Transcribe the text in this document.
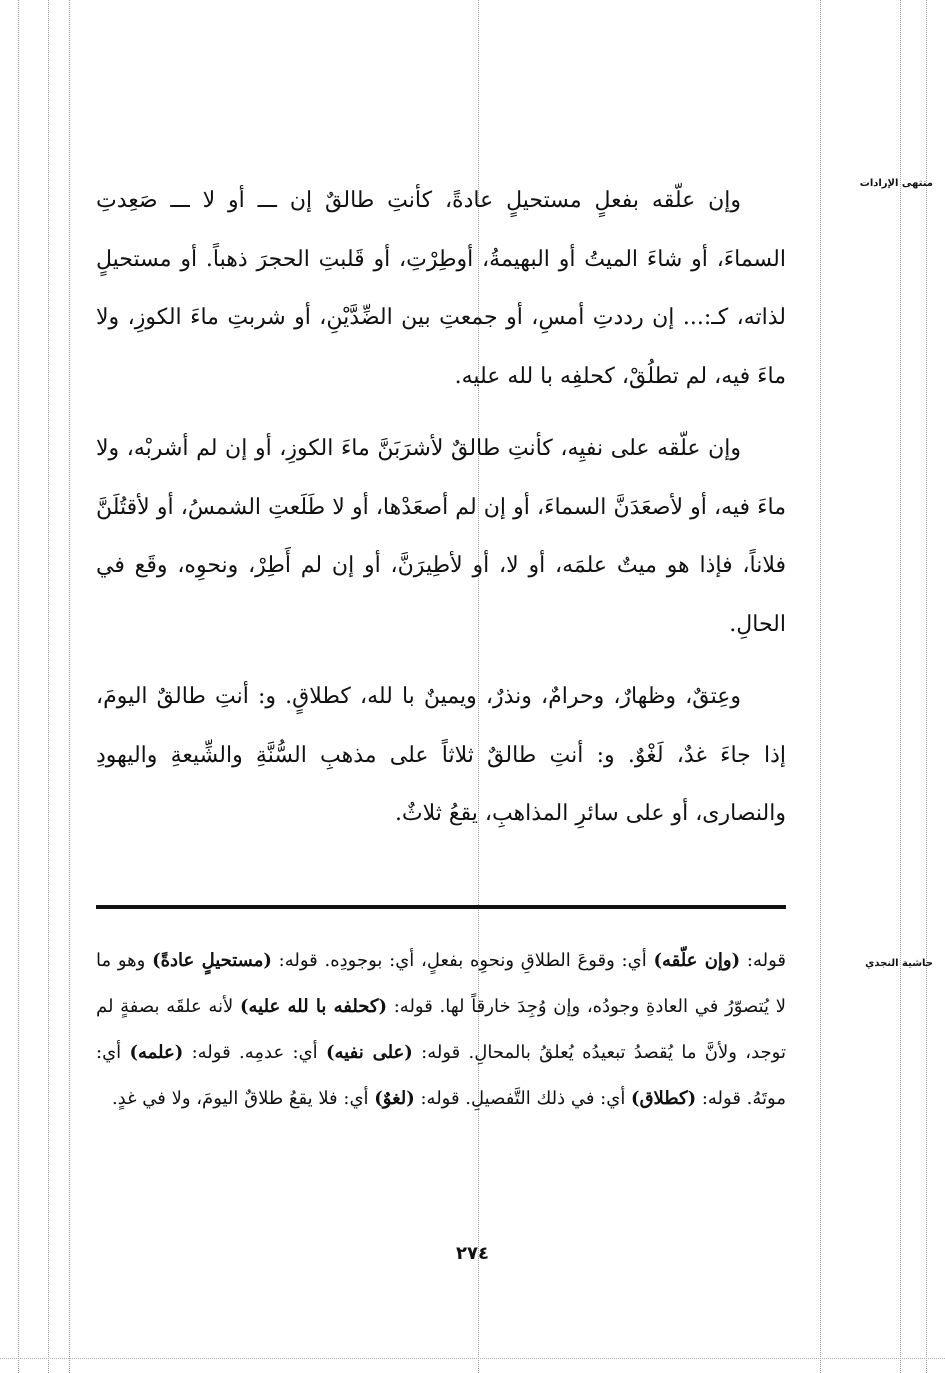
منتهى الإرادات
حاشية النجدي

وإن علّقه بفعلٍ مستحيلٍ عادةً، كأنتِ طالقٌ إن ـــ أو لا ـــ صَعِدتِ السماءَ، أو شاءَ الميتُ أو البهيمةُ، أوطِرْتِ، أو قَلبتِ الحجرَ ذهباً. أو مستحيلٍ لذاته، كـ:... إن رددتِ أمسِ، أو جمعتِ بين الضِّدَّيْنِ، أو شربتِ ماءَ الكوزِ، ولا ماءَ فيه، لم تطلُقْ، كحلفِه با لله عليه.

وإن علّقه على نفيِه، كأنتِ طالقٌ لأشرَبَنَّ ماءَ الكوزِ، أو إن لم أشربْه، ولا ماءَ فيه، أو لأصعَدَنَّ السماءَ، أو إن لم أصعَدْها، أو لا طَلَعتِ الشمسُ، أو لأقتُلَنَّ فلاناً، فإذا هو ميتٌ علمَه، أو لا، أو لأطِيرَنَّ، أو إن لم أَطِرْ، ونحوِه، وقَع في الحالِ.

وعِتقٌ، وظهارٌ، وحرامٌ، ونذرٌ، ويمينٌ با لله، كطلاقٍ. و: أنتِ طالقٌ اليومَ، إذا جاءَ غدٌ، لَغْوٌ. و: أنتِ طالقٌ ثلاثاً على مذهبِ السُّنَّةِ والشِّيعةِ واليهودِ والنصارى، أو على سائرِ المذاهبِ، يقعُ ثلاثٌ.

قوله: (وإن علّقه) أي: وقوعَ الطلاقِ ونحوِه بفعلٍ، أي: بوجودِه. قوله: (مستحيلٍ عادةً) وهو ما لا يُتصوّرُ في العادةِ وجودُه، وإن وُجِدَ خارقاً لها. قوله: (كحلفه با لله عليه) لأنه علقَه بصفةٍ لم توجد، ولأنَّ ما يُقصدُ تبعيدُه يُعلقُ بالمحالِ. قوله: (على نفيه) أي: عدمِه. قوله: (علمه) أي: موتَهُ. قوله: (كطلاق) أي: في ذلك التَّفصيلِ. قوله: (لغوٌ) أي: فلا يقعُ طلاقٌ اليومَ، ولا في غدٍ.

٢٧٤
